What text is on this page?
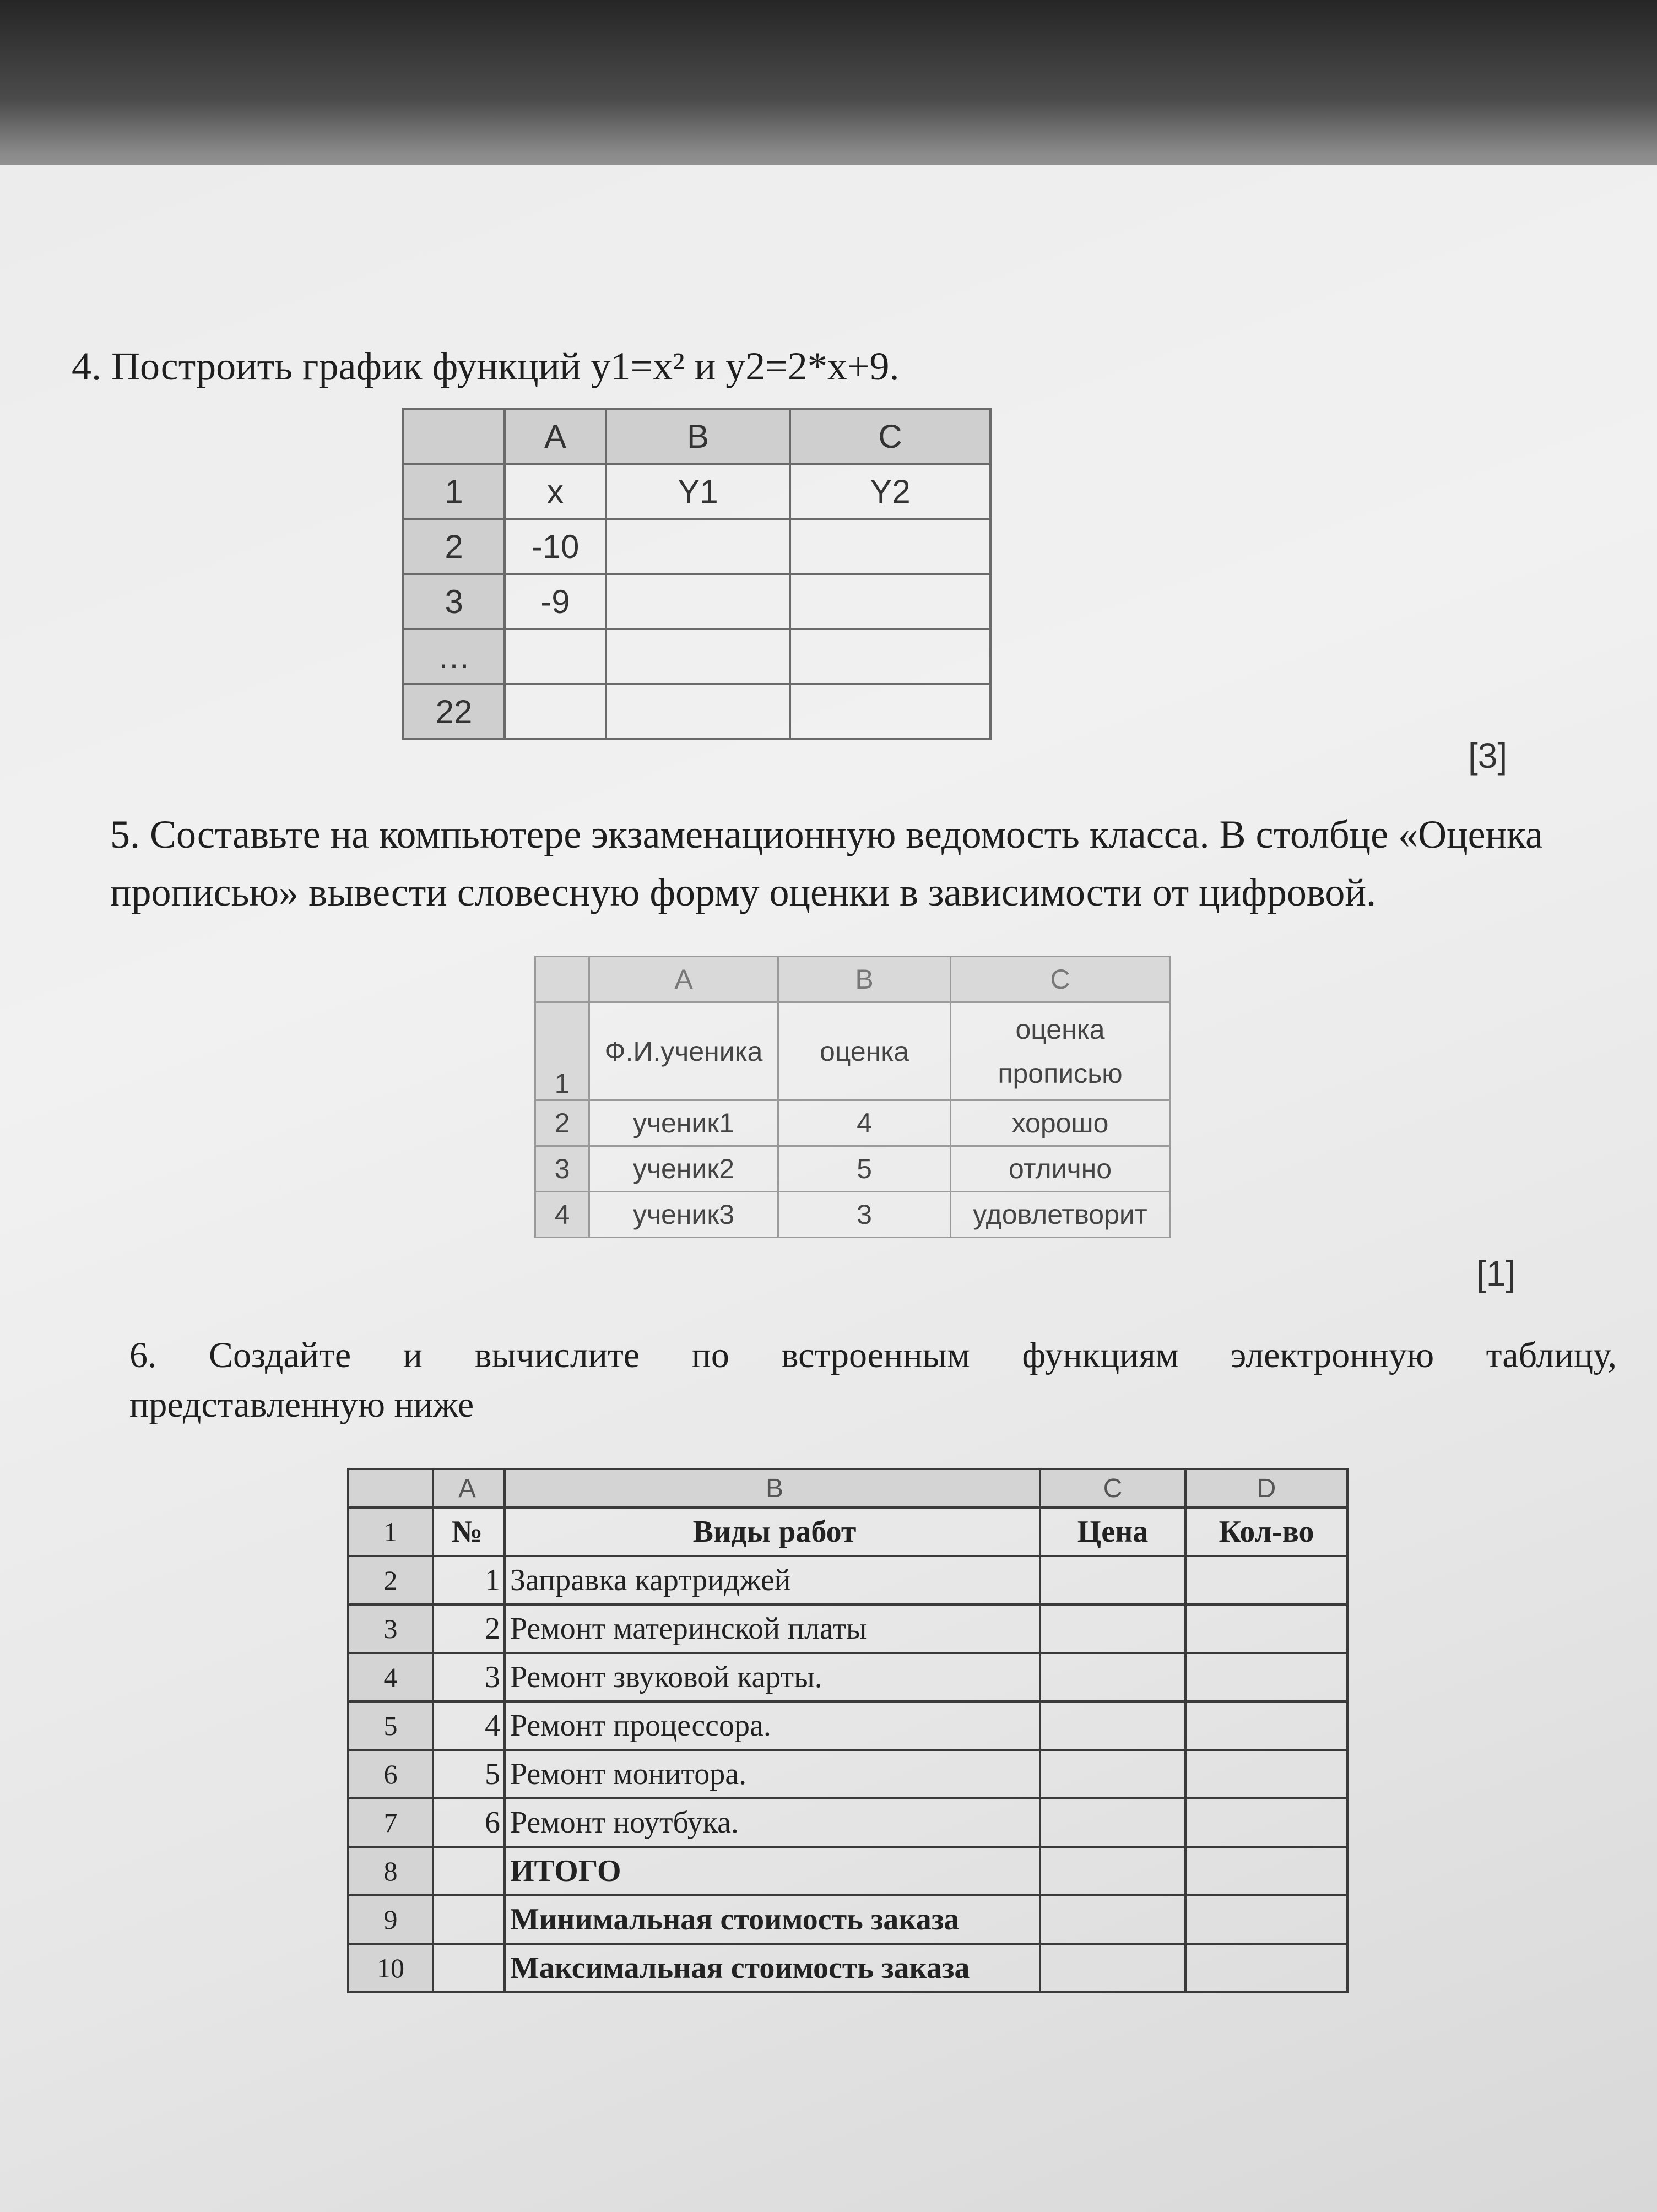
4. Построить график функций y1=x² и y2=2*x+9.
	A	B	C
1	x	Y1	Y2
2	-10		
3	-9		
…			
22			
[3]
5. Составьте на компьютере экзаменационную ведомость класса. В столбце «Оценка
прописью» вывести словесную форму оценки в зависимости от цифровой.
	A	B	C
1	Ф.И.ученика	оценка	оценка прописью
2	ученик1	4	хорошо
3	ученик2	5	отлично
4	ученик3	3	удовлетворит
[1]
6. Создайте и вычислите по встроенным функциям электронную таблицу,
представленную ниже
	A	B	C	D
1	№	Виды работ	Цена	Кол-во
2	1	Заправка картриджей		
3	2	Ремонт материнской платы		
4	3	Ремонт звуковой карты.		
5	4	Ремонт процессора.		
6	5	Ремонт монитора.		
7	6	Ремонт ноутбука.		
8		ИТОГО		
9		Минимальная стоимость заказа		
10		Максимальная стоимость заказа		
